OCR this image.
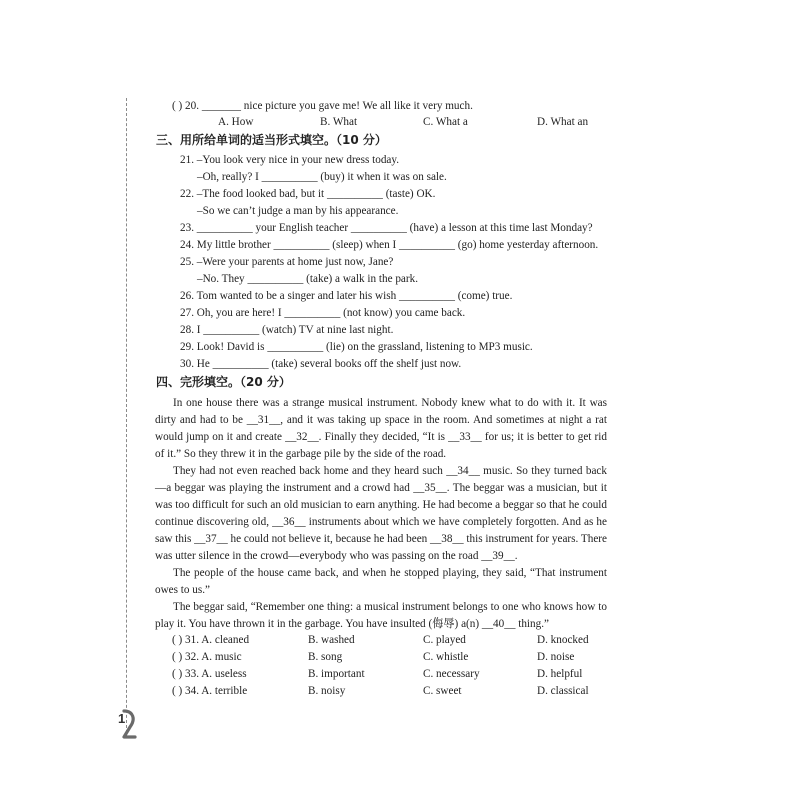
( ) 20. _______ nice picture you gave me! We all like it very much.
A. How	B. What	C. What a	D. What an
三、用所给单词的适当形式填空。（10 分）
21. –You look very nice in your new dress today.
–Oh, really? I __________ (buy) it when it was on sale.
22. –The food looked bad, but it __________ (taste) OK.
–So we can’t judge a man by his appearance.
23. __________ your English teacher __________ (have) a lesson at this time last Monday?
24. My little brother __________ (sleep) when I __________ (go) home yesterday afternoon.
25. –Were your parents at home just now, Jane?
–No. They __________ (take) a walk in the park.
26. Tom wanted to be a singer and later his wish __________ (come) true.
27. Oh, you are here! I __________ (not know) you came back.
28. I __________ (watch) TV at nine last night.
29. Look! David is __________ (lie) on the grassland, listening to MP3 music.
30. He __________ (take) several books off the shelf just now.
四、完形填空。（20 分）

In one house there was a strange musical instrument. Nobody knew what to do with it. It was dirty and had to be __31__, and it was taking up space in the room. And sometimes at night a rat would jump on it and create __32__. Finally they decided, “It is __33__ for us; it is better to get rid of it.” So they threw it in the garbage pile by the side of the road.

They had not even reached back home and they heard such __34__ music. So they turned back—a beggar was playing the instrument and a crowd had __35__. The beggar was a musician, but it was too difficult for such an old musician to earn anything. He had become a beggar so that he could continue discovering old, __36__ instruments about which we have completely forgotten. And as he saw this __37__ he could not believe it, because he had been __38__ this instrument for years. There was utter silence in the crowd—everybody who was passing on the road __39__.

The people of the house came back, and when he stopped playing, they said, “That instrument owes to us.”

The beggar said, “Remember one thing: a musical instrument belongs to one who knows how to play it. You have thrown it in the garbage. You have insulted (侮辱) a(n) __40__ thing.”

( ) 31. A. cleaned	B. washed	C. played	D. knocked
( ) 32. A. music	B. song	C. whistle	D. noise
( ) 33. A. useless	B. important	C. necessary	D. helpful
( ) 34. A. terrible	B. noisy	C. sweet	D. classical
1
